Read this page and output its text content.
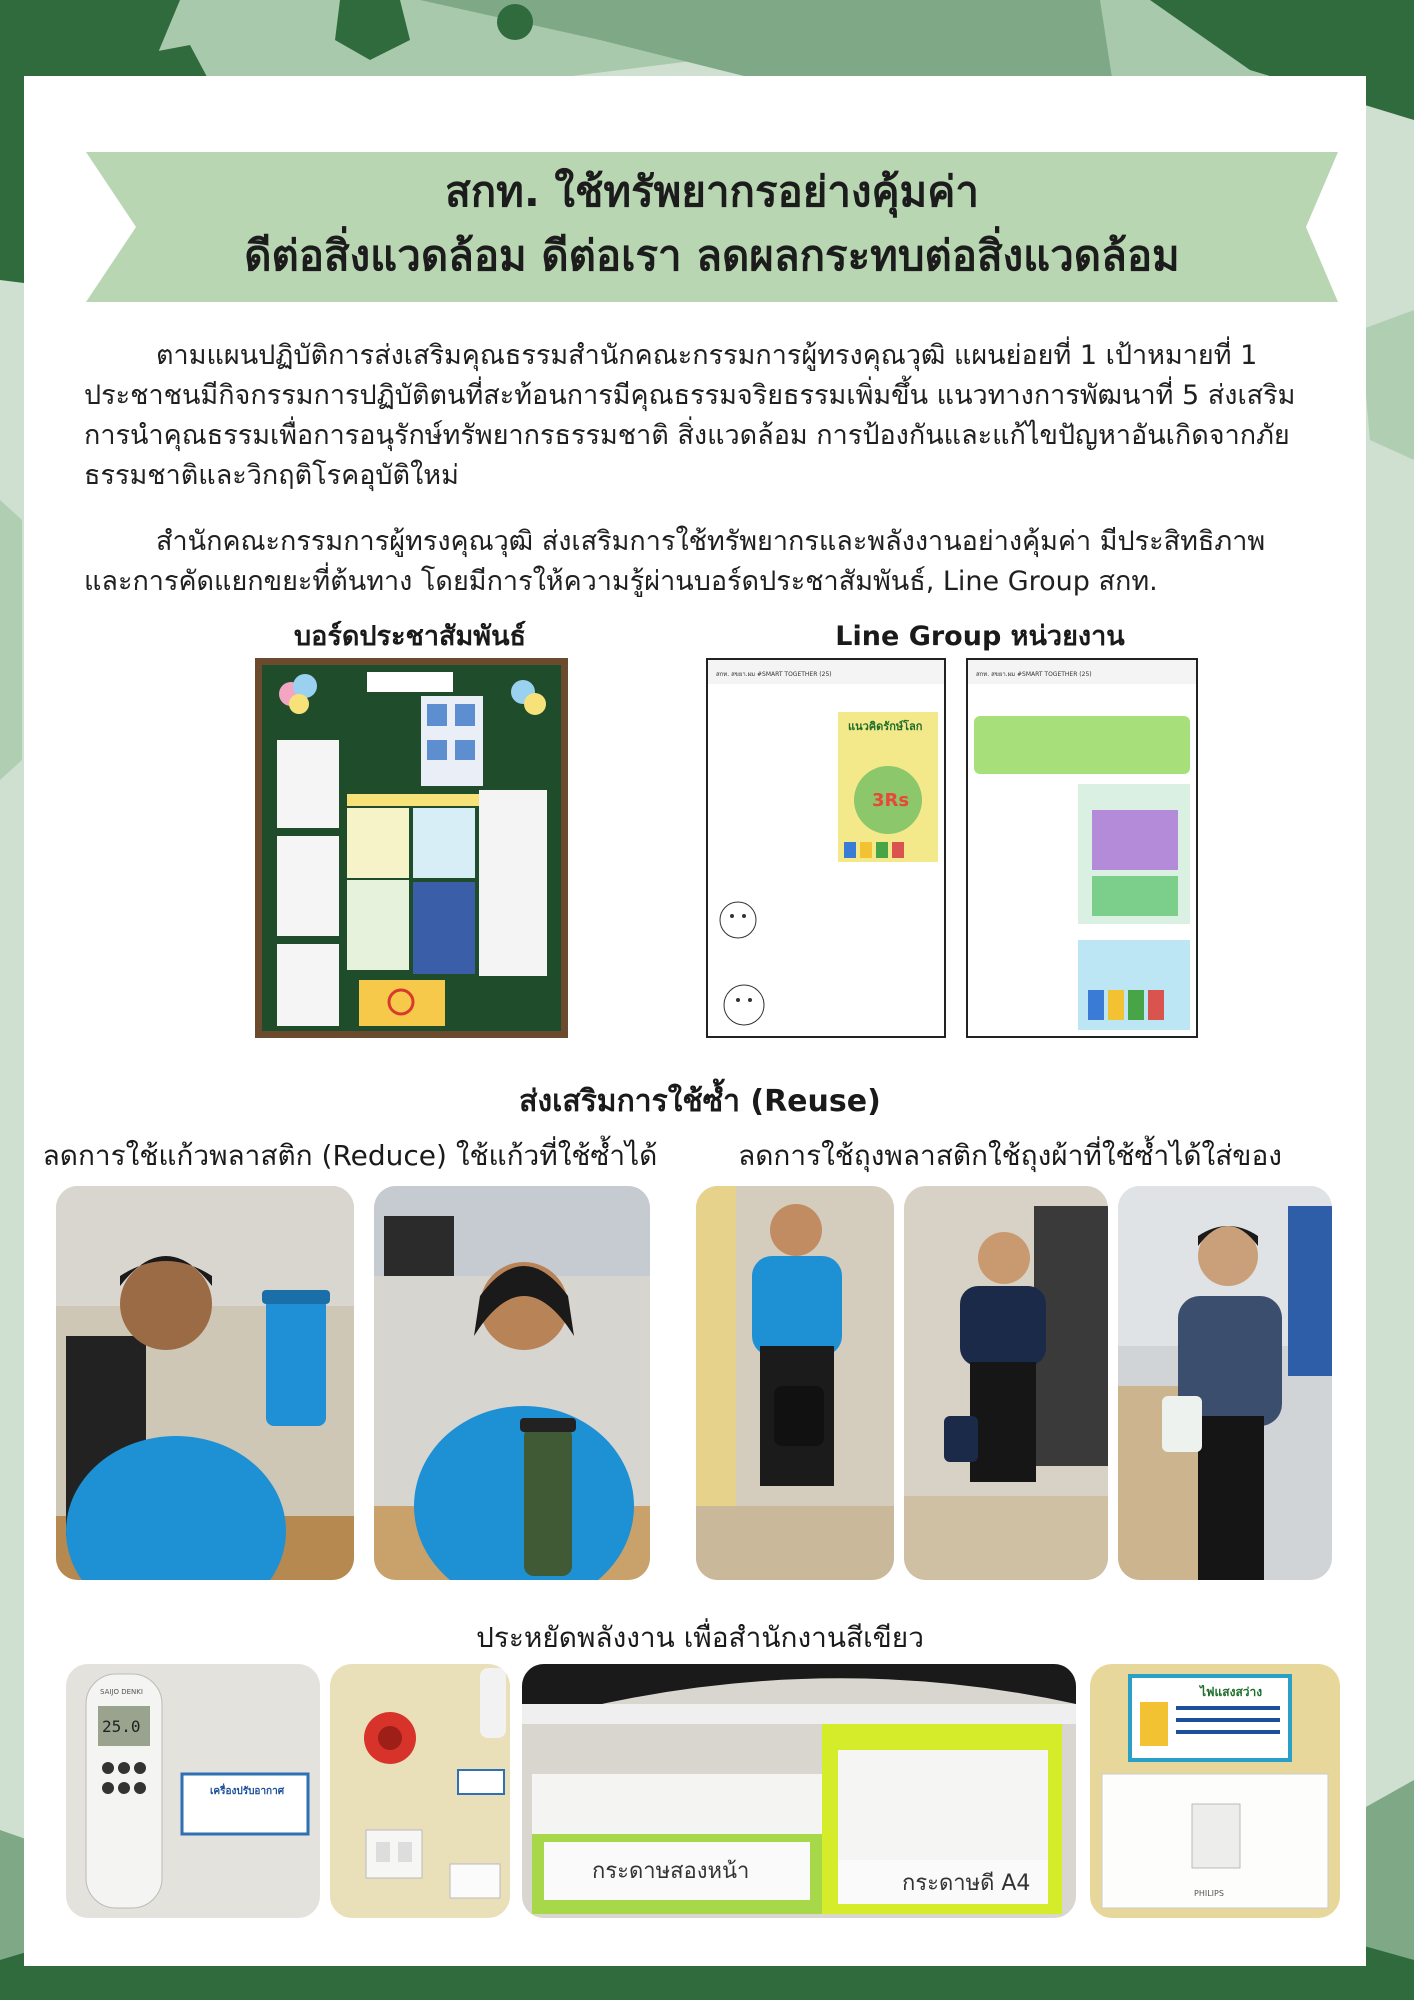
สกท. ใช้ทรัพยากรอย่างคุ้มค่า
ดีต่อสิ่งแวดล้อม ดีต่อเรา ลดผลกระทบต่อสิ่งแวดล้อม

ตามแผนปฏิบัติการส่งเสริมคุณธรรมสำนักคณะกรรมการผู้ทรงคุณวุฒิ แผนย่อยที่ 1 เป้าหมายที่ 1 ประชาชนมีกิจกรรมการปฏิบัติตนที่สะท้อนการมีคุณธรรมจริยธรรมเพิ่มขึ้น แนวทางการพัฒนาที่ 5 ส่งเสริมการนำคุณธรรมเพื่อการอนุรักษ์ทรัพยากรธรรมชาติ สิ่งแวดล้อม การป้องกันและแก้ไขปัญหาอันเกิดจากภัยธรรมชาติและวิกฤติโรคอุบัติใหม่

สำนักคณะกรรมการผู้ทรงคุณวุฒิ ส่งเสริมการใช้ทรัพยากรและพลังงานอย่างคุ้มค่า มีประสิทธิภาพและการคัดแยกขยะที่ต้นทาง โดยมีการให้ความรู้ผ่านบอร์ดประชาสัมพันธ์, Line Group สกท.

บอร์ดประชาสัมพันธ์	Line Group หน่วยงาน
สกท. สขยา.ผม #SMART TOGETHER (25)
แนวคิดรักษ์โลก
3Rs
สกท. สขยา.ผม #SMART TOGETHER (25)
ส่งเสริมการใช้ซ้ำ (Reuse)
ลดการใช้แก้วพลาสติก (Reduce) ใช้แก้วที่ใช้ซ้ำได้	ลดการใช้ถุงพลาสติกใช้ถุงผ้าที่ใช้ซ้ำได้ใส่ของ
ประหยัดพลังงาน เพื่อสำนักงานสีเขียว
25.0
SAIJO DENKI
เครื่องปรับอากาศ
กระดาษสองหน้า	กระดาษดี A4
ไฟแสงสว่าง
PHILIPS
